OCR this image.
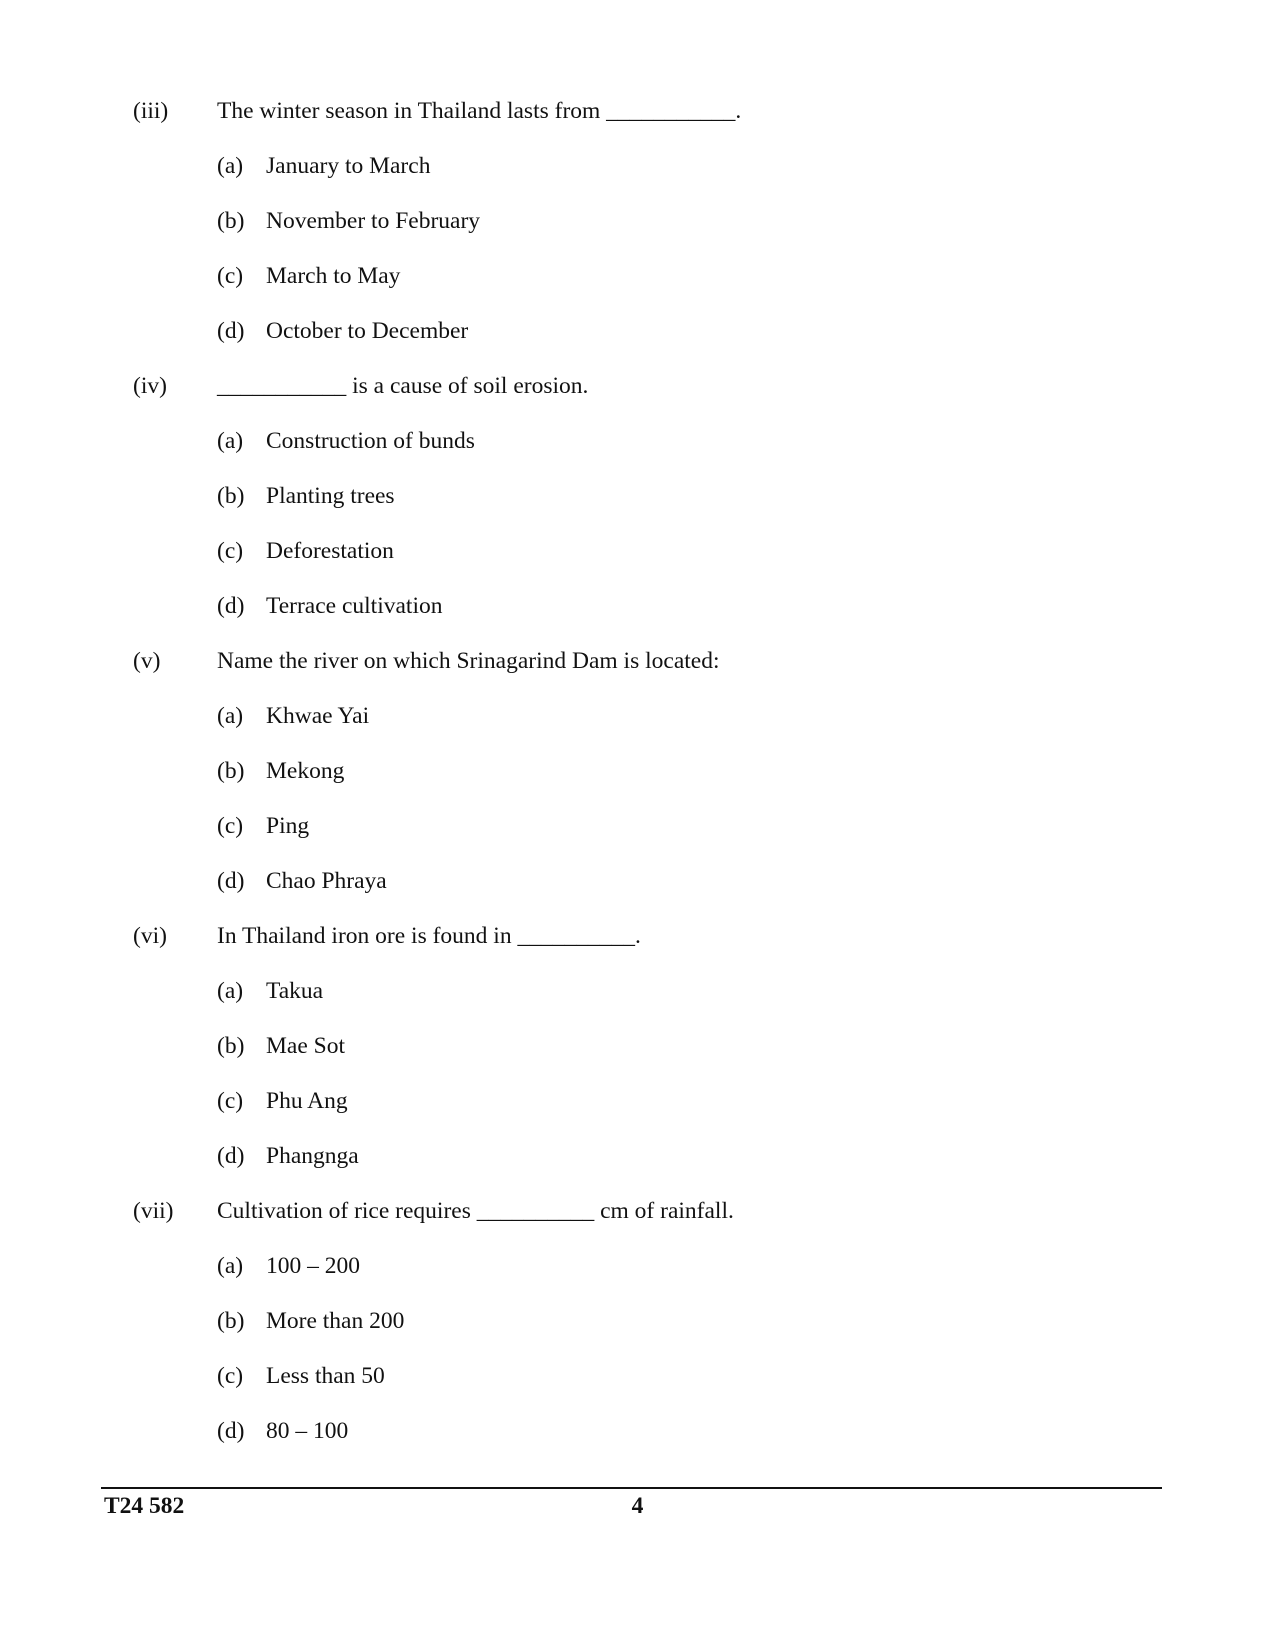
(iii)	The winter season in Thailand lasts from ___________.
(a) January to March
(b) November to February
(c) March to May
(d) October to December
(iv)	___________ is a cause of soil erosion.
(a) Construction of bunds
(b) Planting trees
(c) Deforestation
(d) Terrace cultivation
(v)	Name the river on which Srinagarind Dam is located:
(a) Khwae Yai
(b) Mekong
(c) Ping
(d) Chao Phraya
(vi)	In Thailand iron ore is found in __________.
(a) Takua
(b) Mae Sot
(c) Phu Ang
(d) Phangnga
(vii)	Cultivation of rice requires __________ cm of rainfall.
(a) 100 – 200
(b) More than 200
(c) Less than 50
(d) 80 – 100
T24 582	4
